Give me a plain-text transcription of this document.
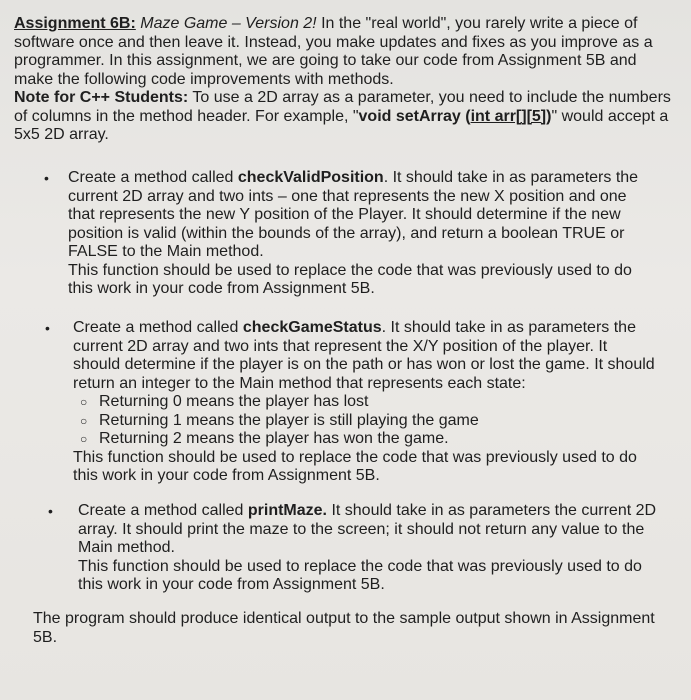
Assignment 6B: Maze Game – Version 2! In the "real world", you rarely write a piece of software once and then leave it. Instead, you make updates and fixes as you improve as a programmer. In this assignment, we are going to take our code from Assignment 5B and make the following code improvements with methods.

Note for C++ Students: To use a 2D array as a parameter, you need to include the numbers of columns in the method header. For example, "void setArray (int arr[][5])" would accept a 5x5 2D array.

• Create a method called checkValidPosition. It should take in as parameters the current 2D array and two ints – one that represents the new X position and one that represents the new Y position of the Player. It should determine if the new position is valid (within the bounds of the array), and return a boolean TRUE or FALSE to the Main method.

This function should be used to replace the code that was previously used to do this work in your code from Assignment 5B.

• Create a method called checkGameStatus. It should take in as parameters the current 2D array and two ints that represent the X/Y position of the player. It should determine if the player is on the path or has won or lost the game. It should return an integer to the Main method that represents each state:

○ Returning 0 means the player has lost
○ Returning 1 means the player is still playing the game
○ Returning 2 means the player has won the game.

This function should be used to replace the code that was previously used to do this work in your code from Assignment 5B.

• Create a method called printMaze. It should take in as parameters the current 2D array. It should print the maze to the screen; it should not return any value to the Main method.

This function should be used to replace the code that was previously used to do this work in your code from Assignment 5B.

The program should produce identical output to the sample output shown in Assignment 5B.
